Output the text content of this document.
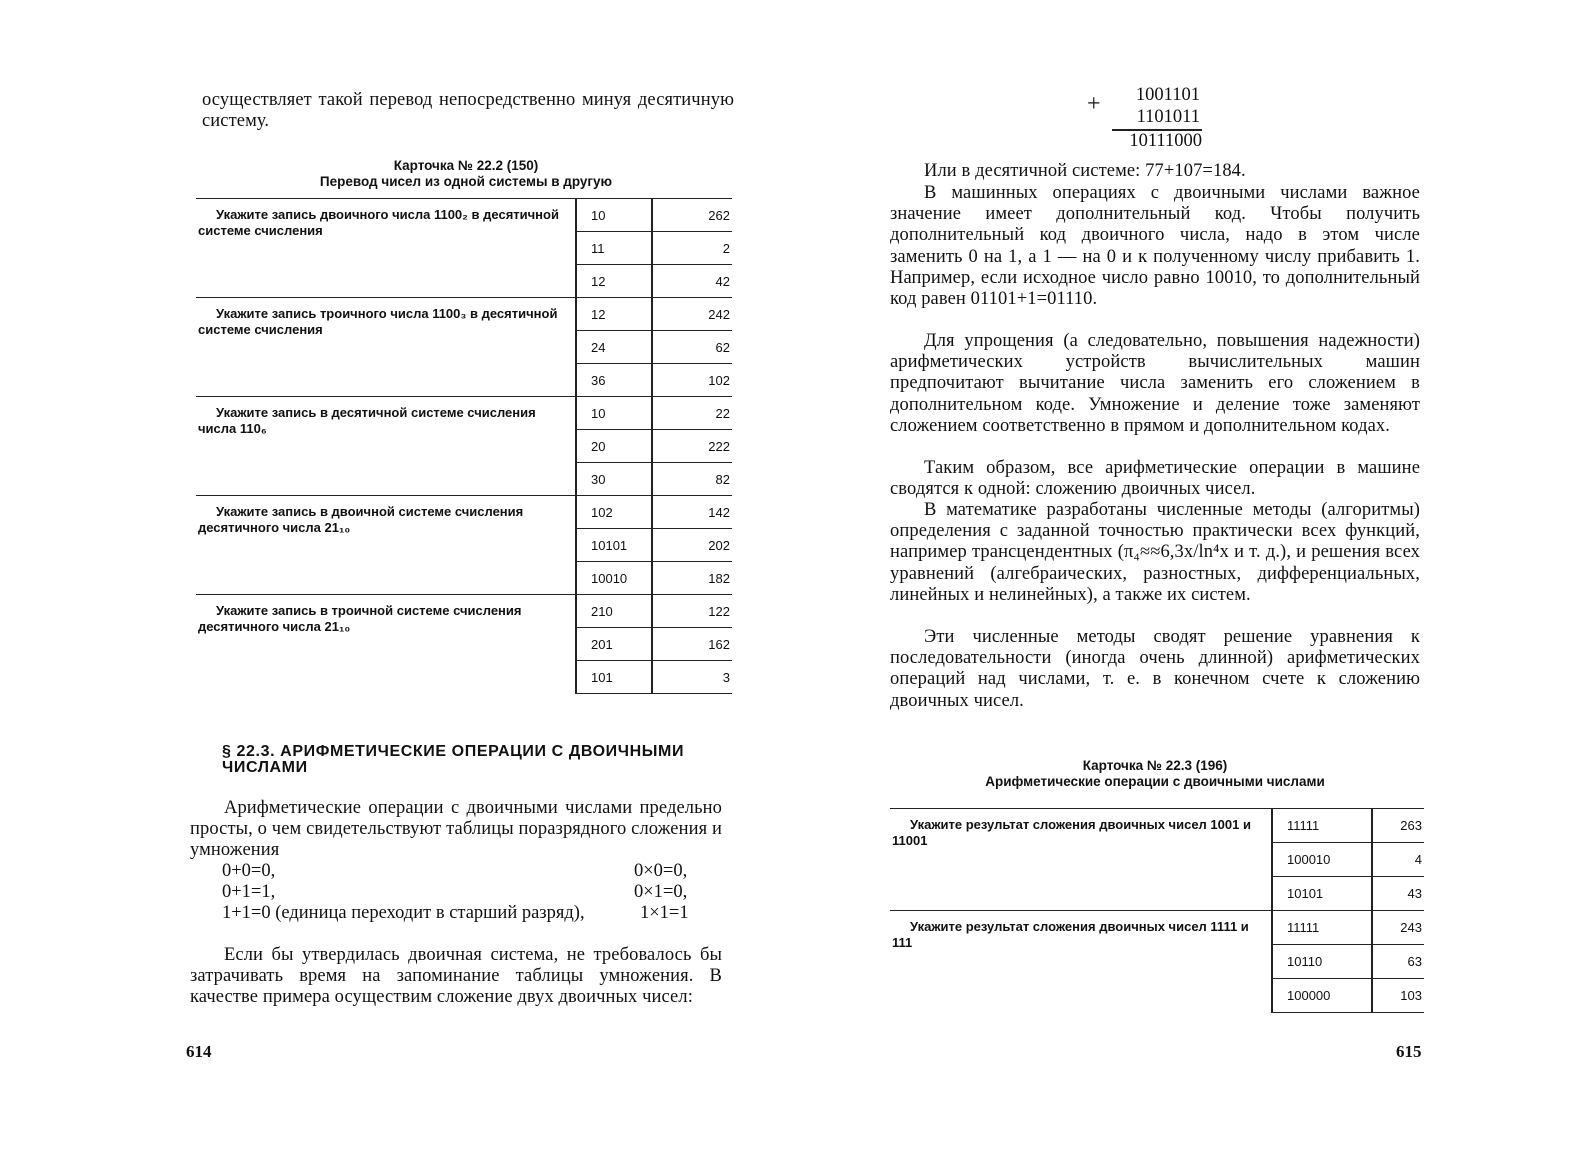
осуществляет такой перевод непосредственно минуя десятичную систему.

Карточка № 22.2 (150)
Перевод чисел из одной системы в другую
Укажите запись двоичного числа 1100₂ в десятичной системе счисления	10	262
	11	2
	12	42
Укажите запись троичного числа 1100₃ в десятичной системе счисления	12	242
	24	62
	36	102
Укажите запись в десятичной системе счисления числа 110₆	10	22
	20	222
	30	82
Укажите запись в двоичной системе счисления десятичного числа 21₁₀	102	142
	10101	202
	10010	182
Укажите запись в троичной системе счисления десятичного числа 21₁₀	210	122
	201	162
	101	3
§ 22.3. АРИФМЕТИЧЕСКИЕ ОПЕРАЦИИ С ДВОИЧНЫМИ ЧИСЛАМИ

Арифметические операции с двоичными числами предельно просты, о чем свидетельствуют таблицы поразрядного сложения и умножения

0+0=0,	0×0=0,
0+1=1,	0×1=0,
1+1=0 (единица переходит в старший разряд),	1×1=1

Если бы утвердилась двоичная система, не требовалось бы затрачивать время на запоминание таблицы умножения. В качестве примера осуществим сложение двух двоичных чисел:

614
+	1001101
1101011
10111000

Или в десятичной системе: 77+107=184.

В машинных операциях с двоичными числами важное значение имеет дополнительный код. Чтобы получить дополнительный код двоичного числа, надо в этом числе заменить 0 на 1, а 1 — на 0 и к полученному числу прибавить 1. Например, если исходное число равно 10010, то дополнительный код равен 01101+1=01110.

Для упрощения (а следовательно, повышения надежности) арифметических устройств вычислительных машин предпочитают вычитание числа заменить его сложением в дополнительном коде. Умножение и деление тоже заменяют сложением соответственно в прямом и дополнительном кодах.

Таким образом, все арифметические операции в машине сводятся к одной: сложению двоичных чисел.

В математике разработаны численные методы (алгоритмы) определения с заданной точностью практически всех функций, например трансцендентных (π₄≈≈6,3x/ln⁴x и т. д.), и решения всех уравнений (алгебраических, разностных, дифференциальных, линейных и нелинейных), а также их систем.

Эти численные методы сводят решение уравнения к последовательности (иногда очень длинной) арифметических операций над числами, т. е. в конечном счете к сложению двоичных чисел.

Карточка № 22.3 (196)
Арифметические операции с двоичными числами
Укажите результат сложения двоичных чисел 1001 и 11001	11111	263
	100010	4
	10101	43
Укажите результат сложения двоичных чисел 1111 и 111	11111	243
	10110	63
	100000	103
615
